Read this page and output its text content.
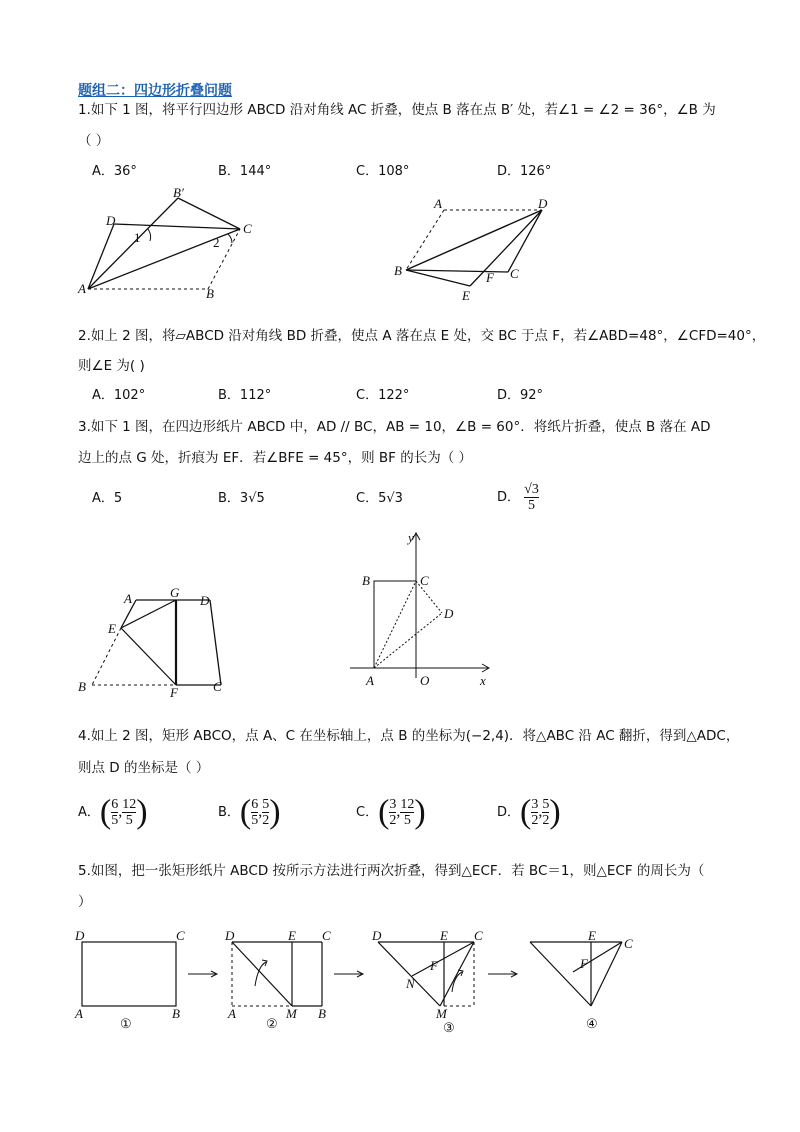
题组二：四边形折叠问题
1.如下 1 图，将平行四边形 ABCD 沿对角线 AC 折叠，使点 B 落在点 B′ 处，若∠1 = ∠2 = 36°，∠B 为
（ ）
A．36°	B．144°	C．108°	D．126°
D
B′
C
A	B
1	2
A	D
B	C
F
E
2.如上 2 图，将▱ABCD 沿对角线 BD 折叠，使点 A 落在点 E 处，交 BC 于点 F，若∠ABD=48°，∠CFD=40°，
则∠E 为( )
A．102°	B．112°	C．122°	D．92°
3.如下 1 图，在四边形纸片 ABCD 中，AD // BC，AB = 10，∠B = 60°．将纸片折叠，使点 B 落在 AD
边上的点 G 处，折痕为 EF．若∠BFE = 45°，则 BF 的长为（ ）
A．5	B．3√5	C．5√3	D． $\frac{√3}{5}$
A	G
D
E
B	F	C
y
x
B	C
D
A	O
4.如上 2 图，矩形 ABCO，点 A、C 在坐标轴上，点 B 的坐标为(−2,4)．将△ABC 沿 AC 翻折，得到△ADC，
则点 D 的坐标是（ ）
A．( $\frac{6}{5}$ , $\frac{12}{5}$ )	B．( $\frac{6}{5}$ , $\frac{5}{2}$ )	C．( $\frac{3}{2}$ , $\frac{12}{5}$ )	D．( $\frac{3}{2}$ , $\frac{5}{2}$ )
5.如图，把一张矩形纸片 ABCD 按所示方法进行两次折叠，得到△ECF．若 BC＝1，则△ECF 的周长为（
）
D	C
A	B
①
D	E C
A	M B
②
D	E C
F
N
M
③
E
C
F
④
